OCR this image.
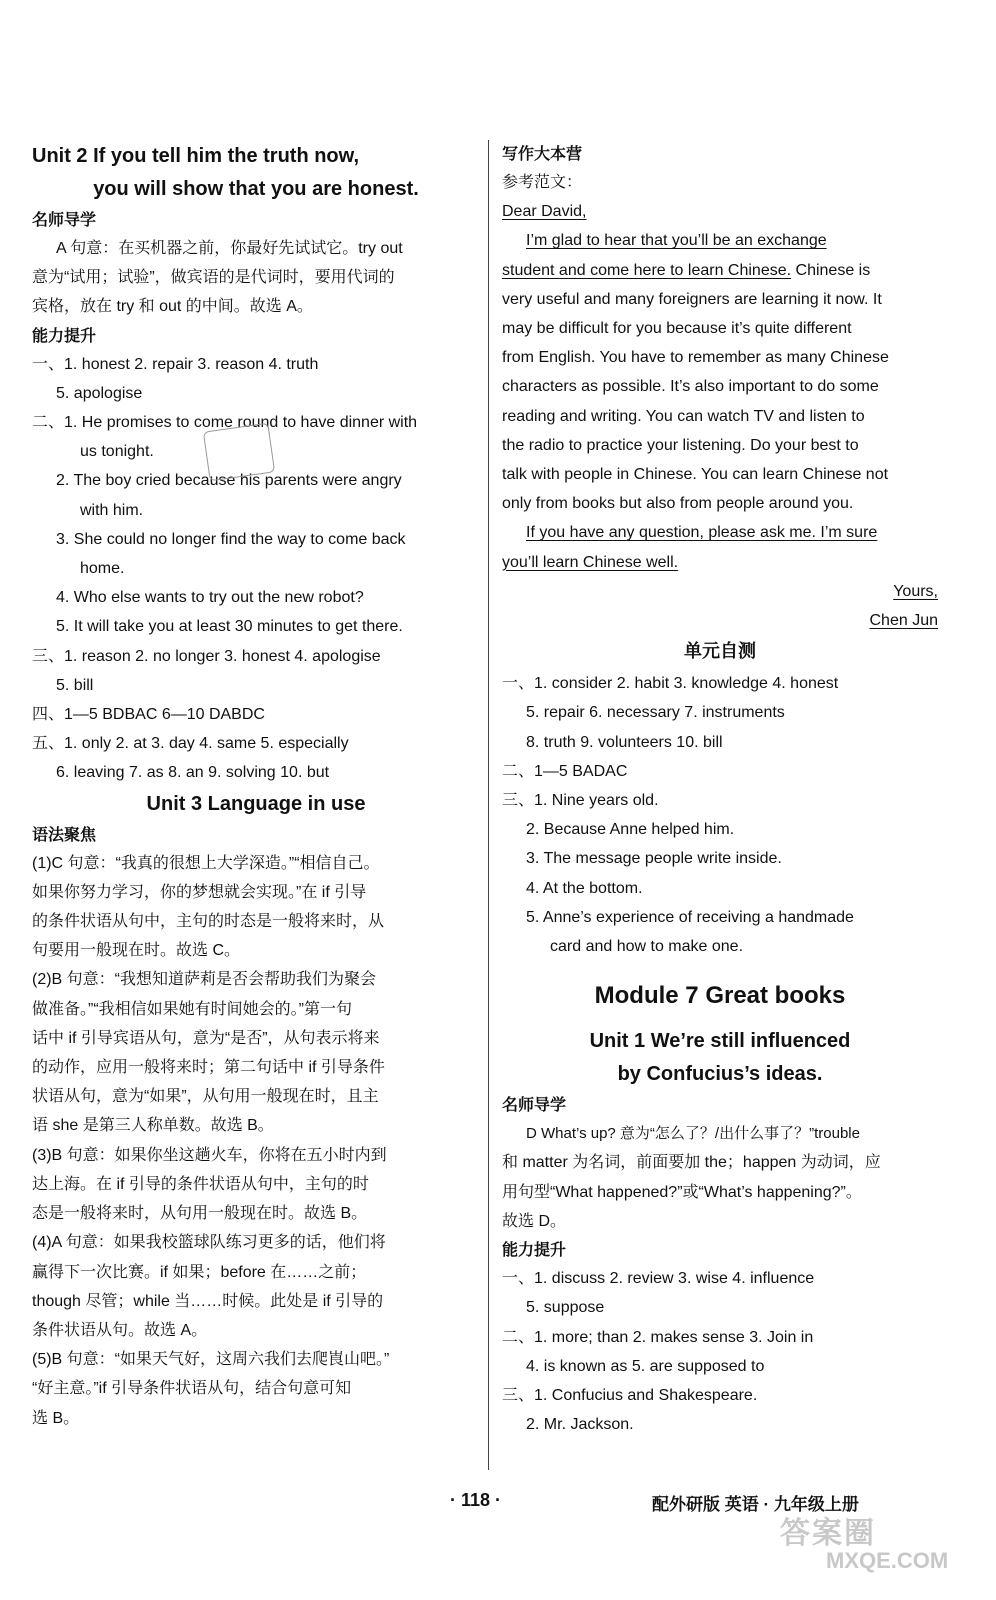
Unit 2 If you tell him the truth now,
you will show that you are honest.
名师导学
A 句意：在买机器之前，你最好先试试它。try out
意为“试用；试验”，做宾语的是代词时，要用代词的
宾格，放在 try 和 out 的中间。故选 A。
能力提升
一、1. honest 2. repair 3. reason 4. truth
5. apologise
二、1. He promises to come round to have dinner with
us tonight.
2. The boy cried because his parents were angry
with him.
3. She could no longer find the way to come back
home.
4. Who else wants to try out the new robot?
5. It will take you at least 30 minutes to get there.
三、1. reason 2. no longer 3. honest 4. apologise
5. bill
四、1—5 BDBAC 6—10 DABDC
五、1. only 2. at 3. day 4. same 5. especially
6. leaving 7. as 8. an 9. solving 10. but
Unit 3 Language in use
语法聚焦
(1)C 句意：“我真的很想上大学深造。”“相信自己。
如果你努力学习，你的梦想就会实现。”在 if 引导
的条件状语从句中，主句的时态是一般将来时，从
句要用一般现在时。故选 C。
(2)B 句意：“我想知道萨莉是否会帮助我们为聚会
做准备。”“我相信如果她有时间她会的。”第一句
话中 if 引导宾语从句，意为“是否”，从句表示将来
的动作，应用一般将来时；第二句话中 if 引导条件
状语从句，意为“如果”，从句用一般现在时，且主
语 she 是第三人称单数。故选 B。
(3)B 句意：如果你坐这趟火车，你将在五小时内到
达上海。在 if 引导的条件状语从句中，主句的时
态是一般将来时，从句用一般现在时。故选 B。
(4)A 句意：如果我校篮球队练习更多的话，他们将
赢得下一次比赛。if 如果；before 在……之前；
though 尽管；while 当……时候。此处是 if 引导的
条件状语从句。故选 A。
(5)B 句意：“如果天气好，这周六我们去爬崀山吧。”
“好主意。”if 引导条件状语从句，结合句意可知
选 B。
写作大本营
参考范文：
Dear David,
I’m glad to hear that you’ll be an exchange
student and come here to learn Chinese. Chinese is
very useful and many foreigners are learning it now. It
may be difficult for you because it’s quite different
from English. You have to remember as many Chinese
characters as possible. It’s also important to do some
reading and writing. You can watch TV and listen to
the radio to practice your listening. Do your best to
talk with people in Chinese. You can learn Chinese not
only from books but also from people around you.
If you have any question, please ask me. I’m sure
you’ll learn Chinese well.
Yours,
Chen Jun
单元自测
一、1. consider 2. habit 3. knowledge 4. honest
5. repair 6. necessary 7. instruments
8. truth 9. volunteers 10. bill
二、1—5 BADAC
三、1. Nine years old.
2. Because Anne helped him.
3. The message people write inside.
4. At the bottom.
5. Anne’s experience of receiving a handmade
card and how to make one.
Module 7 Great books
Unit 1 We’re still influenced
by Confucius’s ideas.
名师导学
D What’s up? 意为“怎么了？/出什么事了？”trouble
和 matter 为名词，前面要加 the；happen 为动词，应
用句型“What happened?”或“What’s happening?”。
故选 D。
能力提升
一、1. discuss 2. review 3. wise 4. influence
5. suppose
二、1. more; than 2. makes sense 3. Join in
4. is known as 5. are supposed to
三、1. Confucius and Shakespeare.
2. Mr. Jackson.
· 118 ·	配外研版 英语 · 九年级上册
答案圈
MXQE.COM
